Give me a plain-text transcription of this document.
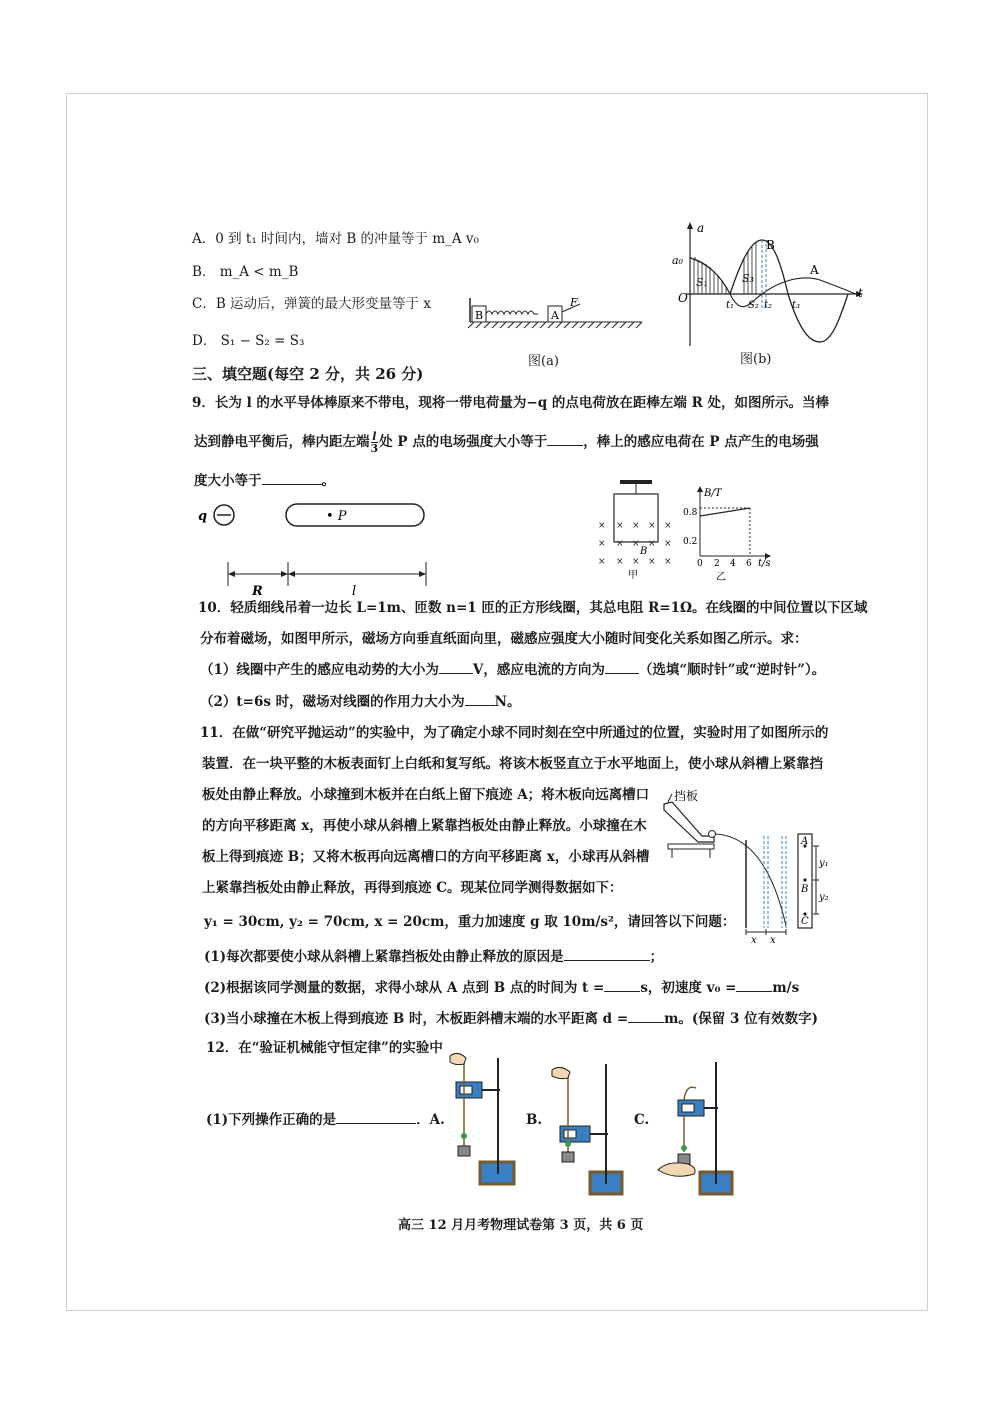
A．0 到 t₁ 时间内，墙对 B 的冲量等于 m_A v₀
B． m_A < m_B
C．B 运动后，弹簧的最大形变量等于 x
D． S₁ − S₂ = S₃
B	A
F
图(a)
a
t
O
a₀
S₁	S₃
S₂
t₁	t₂ t₃
B
A
图(b)
三、填空题(每空 2 分，共 26 分)
9．长为 l 的水平导体棒原来不带电，现将一带电荷量为−q 的点电荷放在距棒左端 R 处，如图所示。当棒
达到静电平衡后，棒内距左端 $\frac{l}{3}$ 处 P 点的电场强度大小等于	，棒上的感应电荷在 P 点产生的电场强
度大小等于	。
q	• P
R	l
× × × × ×
× × × × ×
× × × × ×
B
甲
B/T
t/s
0.8
0.2
0 2 4 6
乙
10．轻质细线吊着一边长 L=1m、匝数 n=1 匝的正方形线圈，其总电阻 R=1Ω。在线圈的中间位置以下区域
分布着磁场，如图甲所示，磁场方向垂直纸面向里，磁感应强度大小随时间变化关系如图乙所示。求：
（1）线圈中产生的感应电动势的大小为	V，感应电流的方向为	（选填“顺时针”或“逆时针”）。
（2）t=6s 时，磁场对线圈的作用力大小为 N。
11．在做“研究平抛运动”的实验中，为了确定小球不同时刻在空中所通过的位置，实验时用了如图所示的
装置．在一块平整的木板表面钉上白纸和复写纸。将该木板竖直立于水平地面上，使小球从斜槽上紧靠挡
板处由静止释放。小球撞到木板并在白纸上留下痕迹 A；将木板向远离槽口
的方向平移距离 x，再使小球从斜槽上紧靠挡板处由静止释放。小球撞在木
板上得到痕迹 B；又将木板再向远离槽口的方向平移距离 x，小球再从斜槽
上紧靠挡板处由静止释放，再得到痕迹 C。现某位同学测得数据如下：
y₁ = 30cm, y₂ = 70cm, x = 20cm，重力加速度 g 取 10m/s²，请回答以下问题：
挡板
A
B
C
y₁
y₂
x x
(1)每次都要使小球从斜槽上紧靠挡板处由静止释放的原因是	；
(2)根据该同学测量的数据，求得小球从 A 点到 B 点的时间为 t =	s，初速度 v₀ =	m/s
(3)当小球撞在木板上得到痕迹 B 时，木板距斜槽末端的水平距离 d =	m。(保留 3 位有效数字)
12．在“验证机械能守恒定律”的实验中
(1)下列操作正确的是	．A.	B.	C.
高三 12 月月考物理试卷第 3 页，共 6 页
